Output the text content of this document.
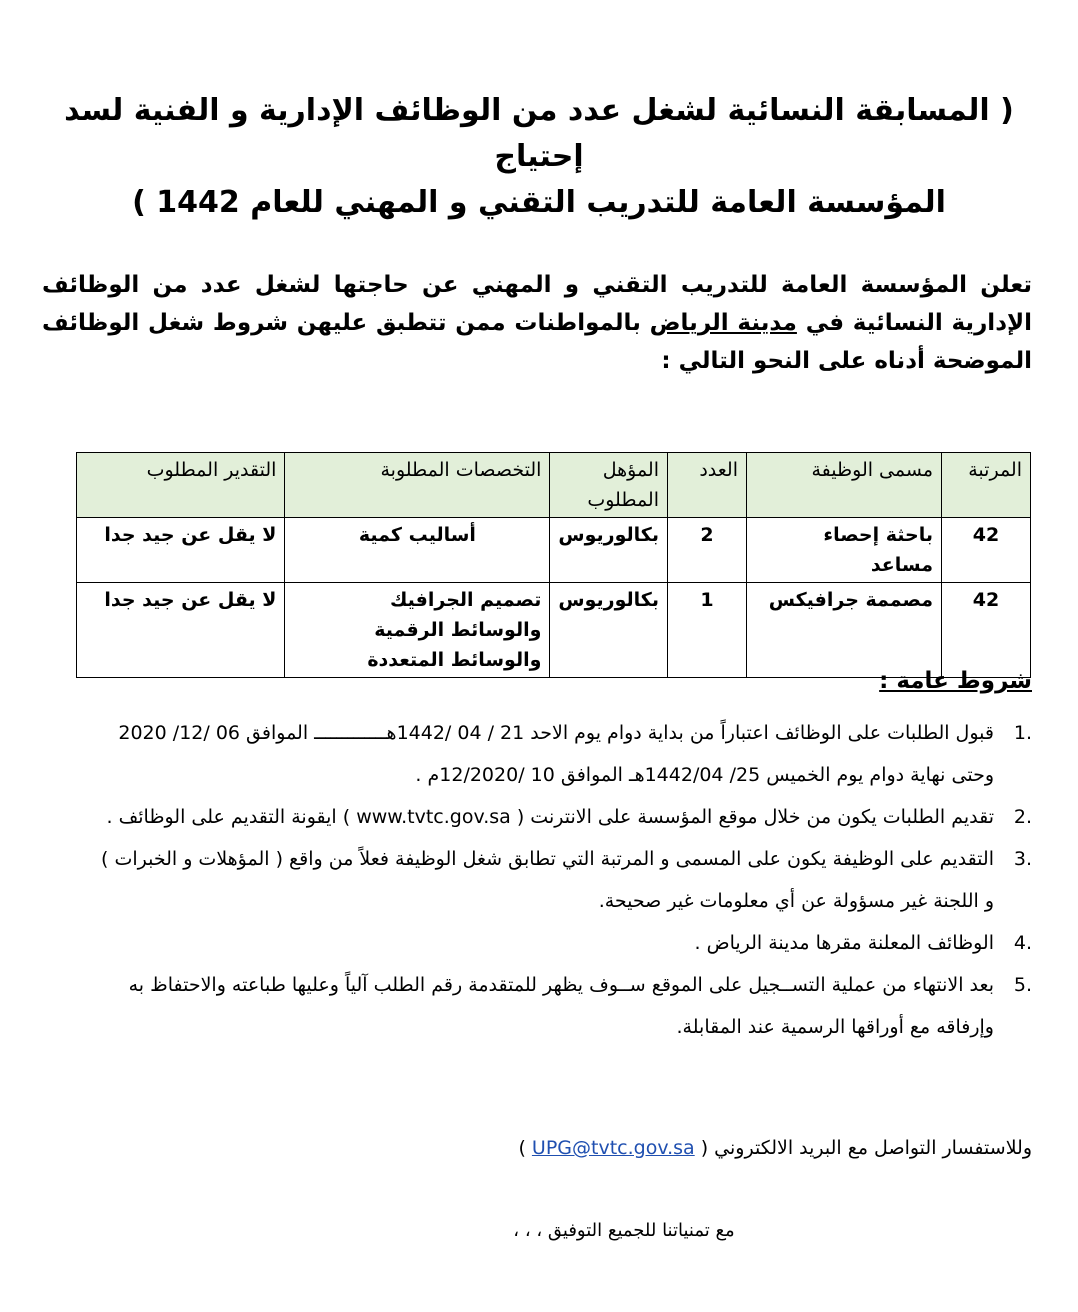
( المسابقة النسائية لشغل عدد من الوظائف الإدارية و الفنية لسد إحتياج
المؤسسة العامة للتدريب التقني و المهني للعام 1442 )
تعلن المؤسسة العامة للتدريب التقني و المهني عن حاجتها لشغل عدد من الوظائف الإدارية النسائية في مدينة الرياض بالمواطنات ممن تتطبق عليهن شروط شغل الوظائف الموضحة أدناه على النحو التالي :
المرتبة	مسمى الوظيفة	العدد	المؤهل المطلوب	التخصصات المطلوبة	التقدير المطلوب
42	باحثة إحصاء مساعد	2	بكالوريوس	أساليب كمية	لا يقل عن جيد جدا
42	مصممة جرافيكس	1	بكالوريوس	تصميم الجرافيك والوسائط الرقمية والوسائط المتعددة	لا يقل عن جيد جدا
شروط عامة :
1.
قبول الطلبات على الوظائف اعتباراً من بداية دوام يوم الاحد 21 / 04 /1442هـــــــــــــ الموافق 06 /12/ 2020 وحتى نهاية دوام يوم الخميس 25/ 1442/04هـ الموافق 10 /12/2020م .
2.
تقديم الطلبات يكون من خلال موقع المؤسسة على الانترنت ( www.tvtc.gov.sa ) ايقونة التقديم على الوظائف .
3.
التقديم على الوظيفة يكون على المسمى و المرتبة التي تطابق شغل الوظيفة فعلاً من واقع ( المؤهلات و الخبرات ) و اللجنة غير مسؤولة عن أي معلومات غير صحيحة.
4.
الوظائف المعلنة مقرها مدينة الرياض .
5.
بعد الانتهاء من عملية التســجيل على الموقع ســوف يظهر للمتقدمة رقم الطلب آلياً وعليها طباعته والاحتفاظ به وإرفاقه مع أوراقها الرسمية عند المقابلة.
وللاستفسار التواصل مع البريد الالكتروني ( UPG@tvtc.gov.sa )
مع تمنياتنا للجميع التوفيق ، ، ،
